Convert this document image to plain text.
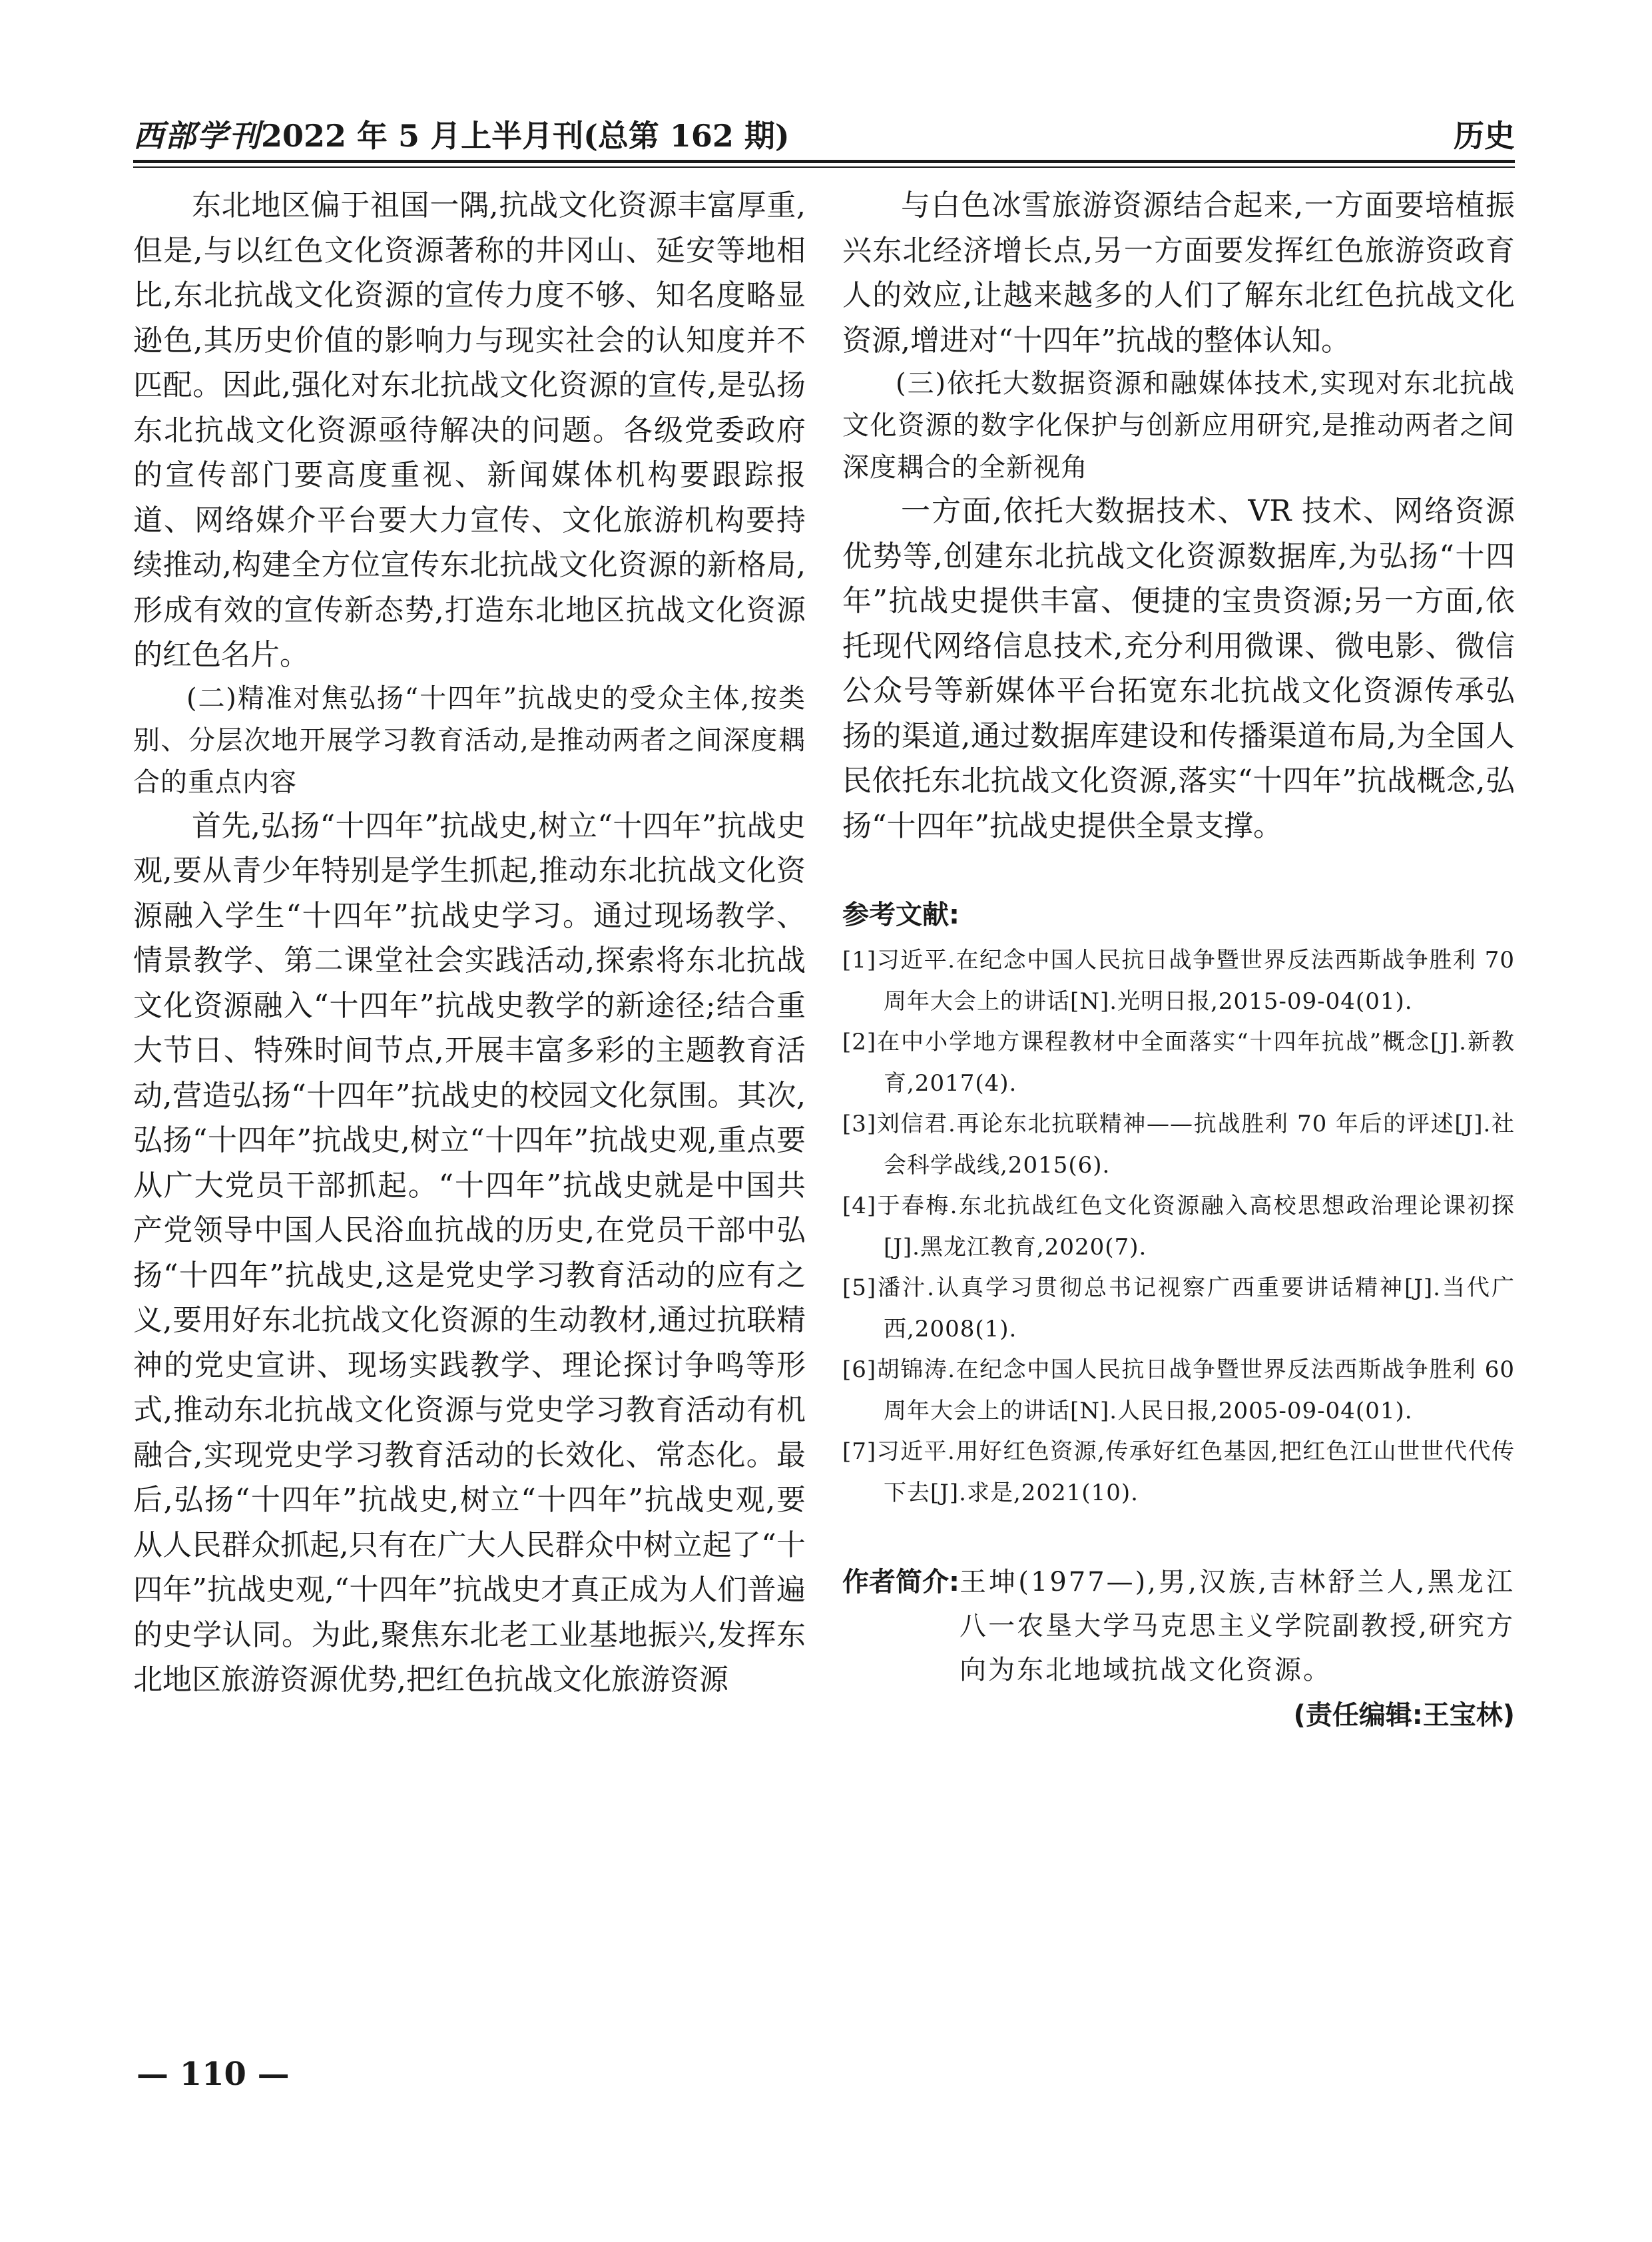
西部学刊2022 年 5 月上半月刊(总第 162 期)	历史

东北地区偏于祖国一隅,抗战文化资源丰富厚重,但是,与以红色文化资源著称的井冈山、延安等地相比,东北抗战文化资源的宣传力度不够、知名度略显逊色,其历史价值的影响力与现实社会的认知度并不匹配。因此,强化对东北抗战文化资源的宣传,是弘扬东北抗战文化资源亟待解决的问题。各级党委政府的宣传部门要高度重视、新闻媒体机构要跟踪报道、网络媒介平台要大力宣传、文化旅游机构要持续推动,构建全方位宣传东北抗战文化资源的新格局,形成有效的宣传新态势,打造东北地区抗战文化资源的红色名片。

(二)精准对焦弘扬“十四年”抗战史的受众主体,按类别、分层次地开展学习教育活动,是推动两者之间深度耦合的重点内容

首先,弘扬“十四年”抗战史,树立“十四年”抗战史观,要从青少年特别是学生抓起,推动东北抗战文化资源融入学生“十四年”抗战史学习。通过现场教学、情景教学、第二课堂社会实践活动,探索将东北抗战文化资源融入“十四年”抗战史教学的新途径;结合重大节日、特殊时间节点,开展丰富多彩的主题教育活动,营造弘扬“十四年”抗战史的校园文化氛围。其次,弘扬“十四年”抗战史,树立“十四年”抗战史观,重点要从广大党员干部抓起。“十四年”抗战史就是中国共产党领导中国人民浴血抗战的历史,在党员干部中弘扬“十四年”抗战史,这是党史学习教育活动的应有之义,要用好东北抗战文化资源的生动教材,通过抗联精神的党史宣讲、现场实践教学、理论探讨争鸣等形式,推动东北抗战文化资源与党史学习教育活动有机融合,实现党史学习教育活动的长效化、常态化。最后,弘扬“十四年”抗战史,树立“十四年”抗战史观,要从人民群众抓起,只有在广大人民群众中树立起了“十四年”抗战史观,“十四年”抗战史才真正成为人们普遍的史学认同。为此,聚焦东北老工业基地振兴,发挥东北地区旅游资源优势,把红色抗战文化旅游资源

与白色冰雪旅游资源结合起来,一方面要培植振兴东北经济增长点,另一方面要发挥红色旅游资政育人的效应,让越来越多的人们了解东北红色抗战文化资源,增进对“十四年”抗战的整体认知。

(三)依托大数据资源和融媒体技术,实现对东北抗战文化资源的数字化保护与创新应用研究,是推动两者之间深度耦合的全新视角

一方面,依托大数据技术、VR 技术、网络资源优势等,创建东北抗战文化资源数据库,为弘扬“十四年”抗战史提供丰富、便捷的宝贵资源;另一方面,依托现代网络信息技术,充分利用微课、微电影、微信公众号等新媒体平台拓宽东北抗战文化资源传承弘扬的渠道,通过数据库建设和传播渠道布局,为全国人民依托东北抗战文化资源,落实“十四年”抗战概念,弘扬“十四年”抗战史提供全景支撑。

参考文献:

[1]习近平.在纪念中国人民抗日战争暨世界反法西斯战争胜利 70 周年大会上的讲话[N].光明日报,2015-09-04(01).

[2]在中小学地方课程教材中全面落实“十四年抗战”概念[J].新教育,2017(4).

[3]刘信君.再论东北抗联精神——抗战胜利 70 年后的评述[J].社会科学战线,2015(6).

[4]于春梅.东北抗战红色文化资源融入高校思想政治理论课初探[J].黑龙江教育,2020(7).

[5]潘汁.认真学习贯彻总书记视察广西重要讲话精神[J].当代广西,2008(1).

[6]胡锦涛.在纪念中国人民抗日战争暨世界反法西斯战争胜利 60 周年大会上的讲话[N].人民日报,2005-09-04(01).

[7]习近平.用好红色资源,传承好红色基因,把红色江山世世代代传下去[J].求是,2021(10).

作者简介: 王坤(1977—),男,汉族,吉林舒兰人,黑龙江八一农垦大学马克思主义学院副教授,研究方向为东北地域抗战文化资源。
(责任编辑:王宝林)
— 110 —
